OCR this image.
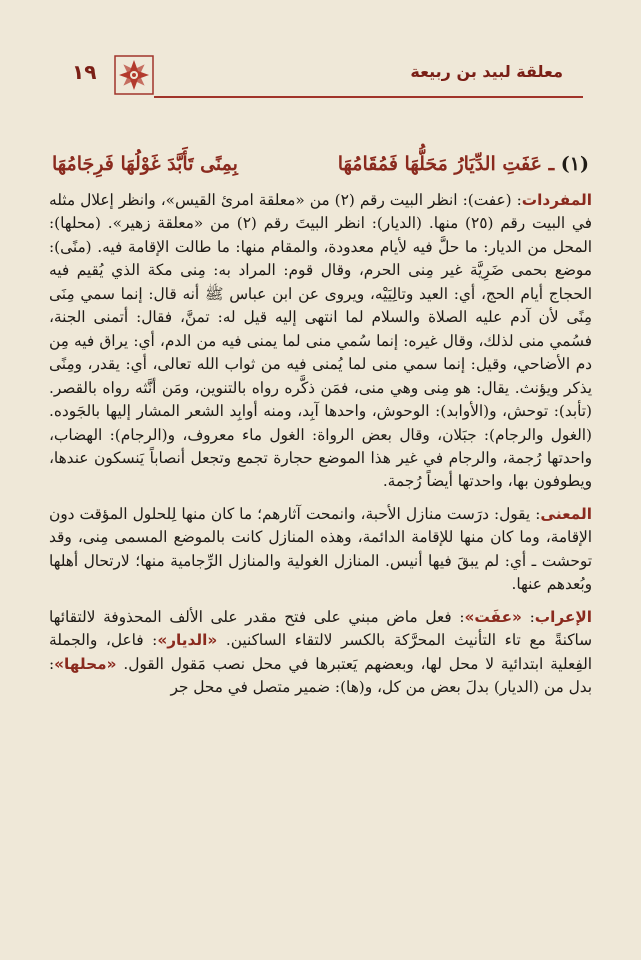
معلقة لبيد بن ربيعة
١٩
(١) ـ عَفَتِ الدِّيَارُ مَحَلُّهَا فَمُقَامُهَا
بِمِنًى تَأَبَّدَ غَوْلُهَا فَرِجَامُهَا

المفردات: (عفت): انظر البيت رقم (٢) من «معلقة امرئ القيس»، وانظر إعلال مثله في البيت رقم (٢٥) منها. (الديار): انظر البيتَ رقم (٢) من «معلقة زهير». (محلها): المحل من الديار: ما حلَّ فيه لأيام معدودة، والمقام منها: ما طالت الإقامة فيه. (منًى): موضع بحمى ضَرِيَّة غير مِنى الحرم، وقال قوم: المراد به: مِنى مكة الذي يُقيم فيه الحجاج أيام الحج، أي: العيد وتالِيَيْه، ويروى عن ابن عباس ﷺ أنه قال: إنما سمي مِنَى مِنًى لأن آدم عليه الصلاة والسلام لما انتهى إليه قيل له: تمنَّ، فقال: أتمنى الجنة، فسُمي منى لذلك، وقال غيره: إنما سُمي منى لما يمنى فيه من الدم، أي: يراق فيه مِن دم الأضاحي، وقيل: إنما سمي منى لما يُمنى فيه من ثواب الله تعالى، أي: يقدر، ومِنًى يذكر ويؤنث. يقال: هو مِنى وهي منى، فمَن ذكَّره رواه بالتنوين، ومَن أنَّثه رواه بالقصر. (تأبد): توحش، و(الأوابد): الوحوش، واحدها آبِد، ومنه أوابِد الشعر المشار إليها بالجَوده. (الغول والرجام): جبَلان، وقال بعض الرواة: الغول ماء معروف، و(الرجام): الهضاب، واحدتها رُجمة، والرجام في غير هذا الموضع حجارة تجمع وتجعل أنصاباً يَنسكون عندها، ويطوفون بها، واحدتها أيضاً رُجمة.

المعنى: يقول: درَست منازل الأحبة، وانمحت آثارهم؛ ما كان منها لِلحلول المؤقت دون الإقامة، وما كان منها للإقامة الدائمة، وهذه المنازل كانت بالموضع المسمى مِنى، وقد توحشت ـ أي: لم يبقَ فيها أنيس. المنازل الغولية والمنازل الرِّجامية منها؛ لارتحال أهلها وبُعدهم عنها.

الإعراب: «عفَت»: فعل ماض مبني على فتح مقدر على الألف المحذوفة لالتقائها ساكنةً مع تاء التأنيث المحرَّكة بالكسر لالتقاء الساكنين. «الديار»: فاعل، والجملة الفِعلية ابتدائية لا محل لها، وبعضهم يَعتبرها في محل نصب مَقول القول. «محلها»: بدل من (الديار) بدلَ بعض من كل، و(ها): ضمير متصل في محل جر
